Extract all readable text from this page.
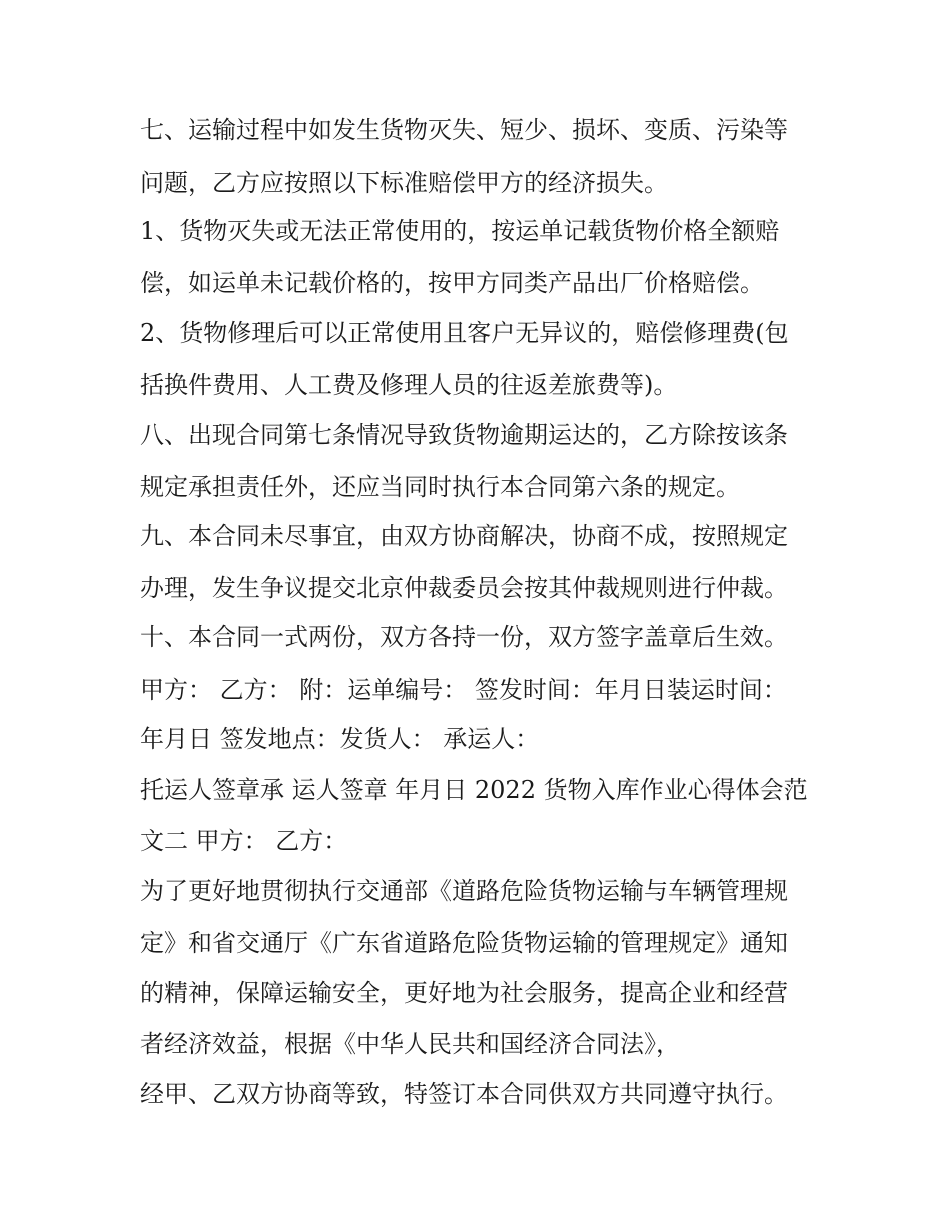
七、运输过程中如发生货物灭失、短少、损坏、变质、污染等
问题，乙方应按照以下标准赔偿甲方的经济损失。
1、货物灭失或无法正常使用的，按运单记载货物价格全额赔
偿，如运单未记载价格的，按甲方同类产品出厂价格赔偿。
2、货物修理后可以正常使用且客户无异议的，赔偿修理费(包
括换件费用、人工费及修理人员的往返差旅费等)。
八、出现合同第七条情况导致货物逾期运达的，乙方除按该条
规定承担责任外，还应当同时执行本合同第六条的规定。
九、本合同未尽事宜，由双方协商解决，协商不成，按照规定
办理，发生争议提交北京仲裁委员会按其仲裁规则进行仲裁。
十、本合同一式两份，双方各持一份，双方签字盖章后生效。
甲方： 乙方： 附：运单编号： 签发时间：年月日装运时间：
年月日 签发地点：发货人： 承运人：
托运人签章承 运人签章 年月日 2022 货物入库作业心得体会范
文二 甲方： 乙方：
为了更好地贯彻执行交通部《道路危险货物运输与车辆管理规
定》和省交通厅《广东省道路危险货物运输的管理规定》通知
的精神，保障运输安全，更好地为社会服务，提高企业和经营
者经济效益，根据《中华人民共和国经济合同法》，
经甲、乙双方协商等致，特签订本合同供双方共同遵守执行。
